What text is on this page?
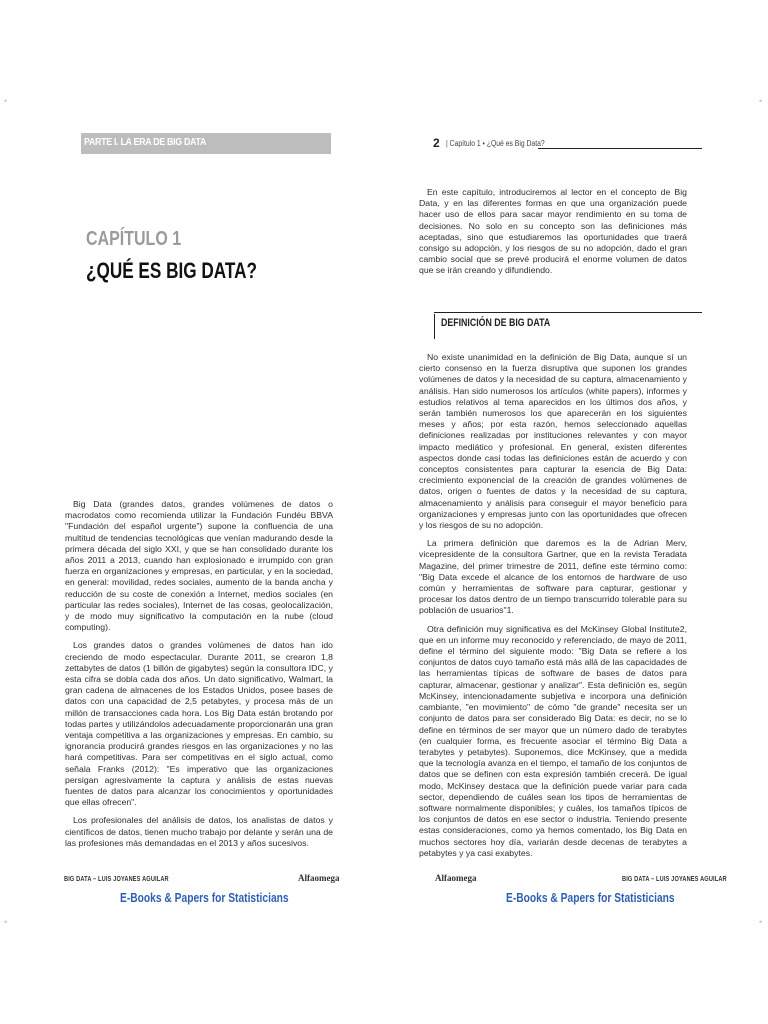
•
•
PARTE I. LA ERA DE BIG DATA
CAPÍTULO 1
¿QUÉ ES BIG DATA?

Big Data (grandes datos, grandes volúmenes de datos o macrodatos como recomienda utilizar la Fundación Fundéu BBVA "Fundación del español urgente") supone la confluencia de una multitud de tendencias tecnológicas que venían madurando desde la primera década del siglo XXI, y que se han consolidado durante los años 2011 a 2013, cuando han explosionado e irrumpido con gran fuerza en organizaciones y empresas, en particular, y en la sociedad, en general: movilidad, redes sociales, aumento de la banda ancha y reducción de su coste de conexión a Internet, medios sociales (en particular las redes sociales), Internet de las cosas, geolocalización, y de modo muy significativo la computación en la nube (cloud computing).

Los grandes datos o grandes volúmenes de datos han ido creciendo de modo espectacular. Durante 2011, se crearon 1,8 zettabytes de datos (1 billón de gigabytes) según la consultora IDC, y esta cifra se dobla cada dos años. Un dato significativo, Walmart, la gran cadena de almacenes de los Estados Unidos, posee bases de datos con una capacidad de 2,5 petabytes, y procesa más de un millón de transacciones cada hora. Los Big Data están brotando por todas partes y utilizándolos adecuadamente proporcionarán una gran ventaja competitiva a las organizaciones y empresas. En cambio, su ignorancia producirá grandes riesgos en las organizaciones y no las hará competitivas. Para ser competitivas en el siglo actual, como señala Franks (2012): "Es imperativo que las organizaciones persigan agresivamente la captura y análisis de estas nuevas fuentes de datos para alcanzar los conocimientos y oportunidades que ellas ofrecen".

Los profesionales del análisis de datos, los analistas de datos y científicos de datos, tienen mucho trabajo por delante y serán una de las profesiones más demandadas en el 2013 y años sucesivos.

BIG DATA – LUIS JOYANES AGUILAR	Alfaomega
E-Books & Papers for Statisticians
•
•
2 | Capítulo 1 • ¿Qué es Big Data?

En este capítulo, introduciremos al lector en el concepto de Big Data, y en las diferentes formas en que una organización puede hacer uso de ellos para sacar mayor rendimiento en su toma de decisiones. No solo en su concepto son las definiciones más aceptadas, sino que estudiaremos las oportunidades que traerá consigo su adopción, y los riesgos de su no adopción, dado el gran cambio social que se prevé producirá el enorme volumen de datos que se irán creando y difundiendo.

DEFINICIÓN DE BIG DATA

No existe unanimidad en la definición de Big Data, aunque sí un cierto consenso en la fuerza disruptiva que suponen los grandes volúmenes de datos y la necesidad de su captura, almacenamiento y análisis. Han sido numerosos los artículos (white papers), informes y estudios relativos al tema aparecidos en los últimos dos años, y serán también numerosos los que aparecerán en los siguientes meses y años; por esta razón, hemos seleccionado aquellas definiciones realizadas por instituciones relevantes y con mayor impacto mediático y profesional. En general, existen diferentes aspectos donde casi todas las definiciones están de acuerdo y con conceptos consistentes para capturar la esencia de Big Data: crecimiento exponencial de la creación de grandes volúmenes de datos, origen o fuentes de datos y la necesidad de su captura, almacenamiento y análisis para conseguir el mayor beneficio para organizaciones y empresas junto con las oportunidades que ofrecen y los riesgos de su no adopción.

La primera definición que daremos es la de Adrian Merv, vicepresidente de la consultora Gartner, que en la revista Teradata Magazine, del primer trimestre de 2011, define este término como: "Big Data excede el alcance de los entornos de hardware de uso común y herramientas de software para capturar, gestionar y procesar los datos dentro de un tiempo transcurrido tolerable para su población de usuarios"1.

Otra definición muy significativa es del McKinsey Global Institute2, que en un informe muy reconocido y referenciado, de mayo de 2011, define el término del siguiente modo: "Big Data se refiere a los conjuntos de datos cuyo tamaño está más allá de las capacidades de las herramientas típicas de software de bases de datos para capturar, almacenar, gestionar y analizar". Esta definición es, según McKinsey, intencionadamente subjetiva e incorpora una definición cambiante, "en movimiento" de cómo "de grande" necesita ser un conjunto de datos para ser considerado Big Data: es decir, no se lo define en términos de ser mayor que un número dado de terabytes (en cualquier forma, es frecuente asociar el término Big Data a terabytes y petabytes). Suponemos, dice McKinsey, que a medida que la tecnología avanza en el tiempo, el tamaño de los conjuntos de datos que se definen con esta expresión también crecerá. De igual modo, McKinsey destaca que la definición puede variar para cada sector, dependiendo de cuáles sean los tipos de herramientas de software normalmente disponibles; y cuáles, los tamaños típicos de los conjuntos de datos en ese sector o industria. Teniendo presente estas consideraciones, como ya hemos comentado, los Big Data en muchos sectores hoy día, variarán desde decenas de terabytes a petabytes y ya casi exabytes.

Alfaomega	BIG DATA – LUIS JOYANES AGUILAR
E-Books & Papers for Statisticians
